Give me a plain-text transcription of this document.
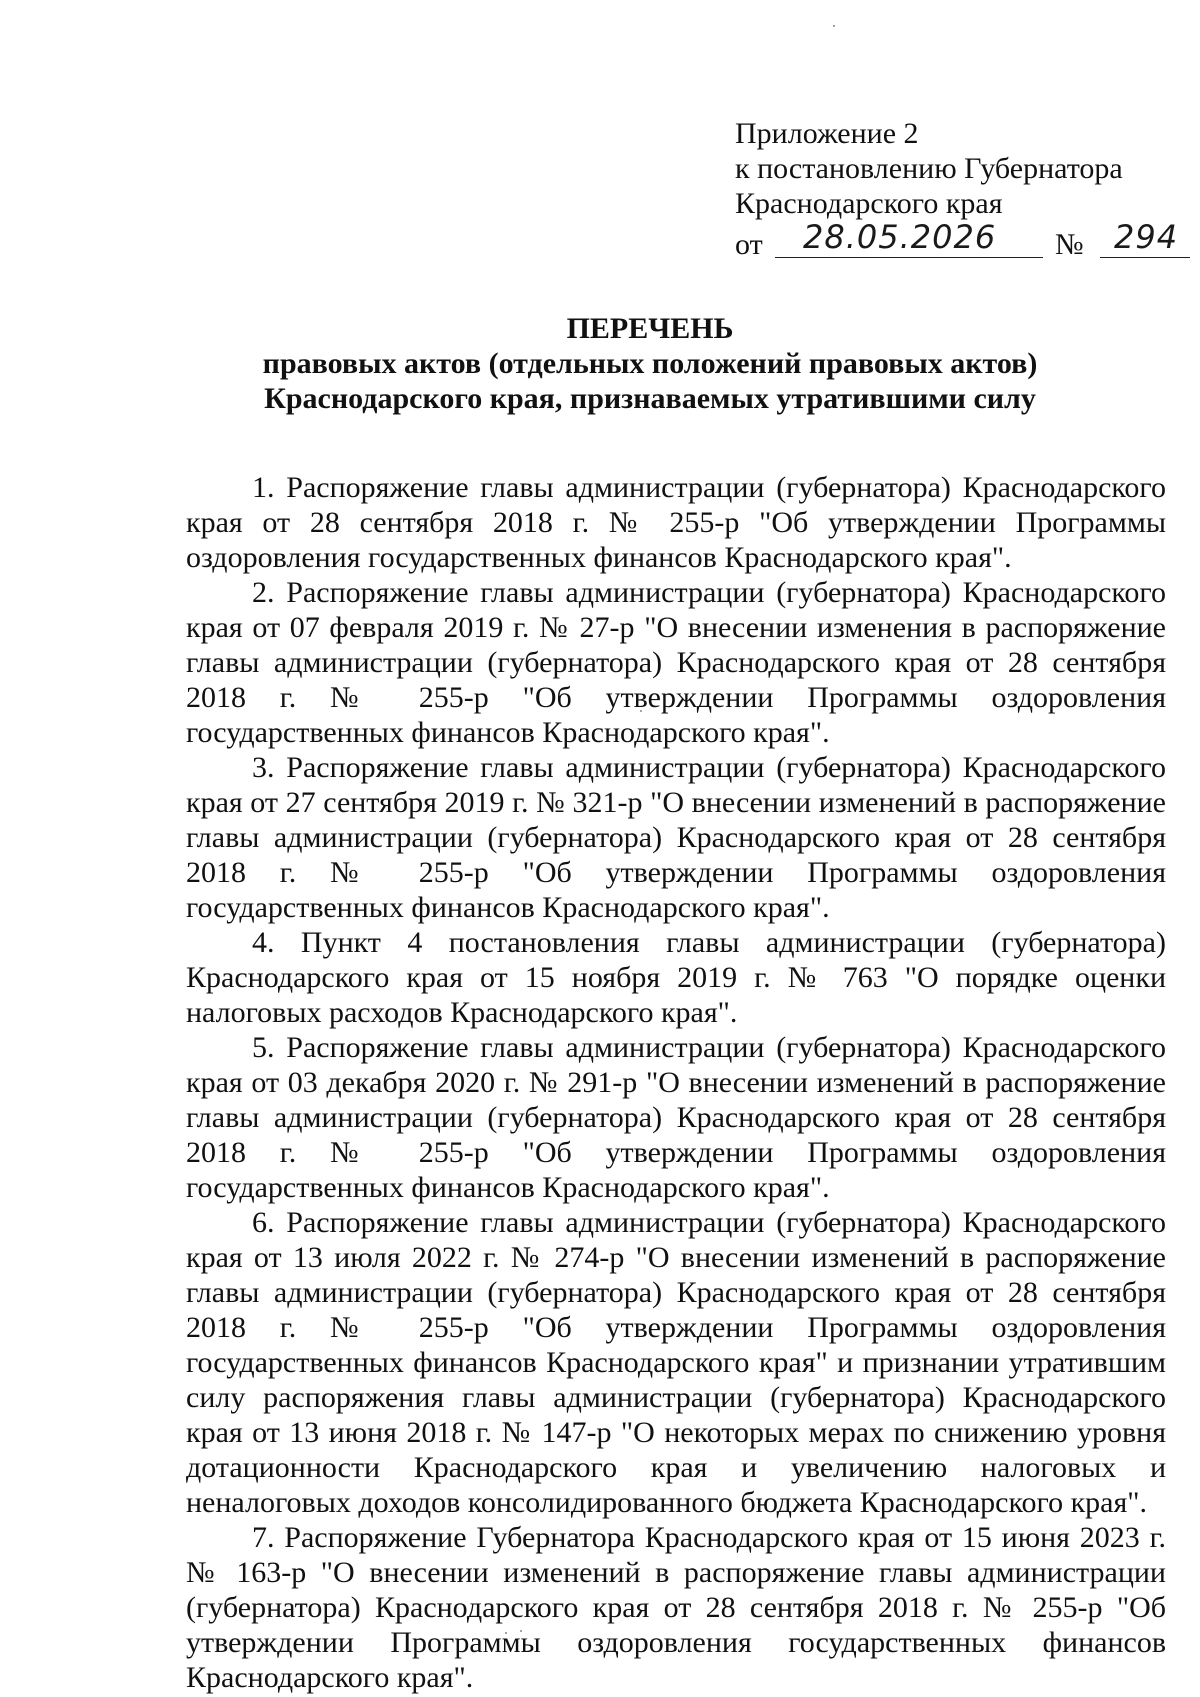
Приложение 2
к постановлению Губернатора
Краснодарского края
от 28.05.2026 № 294
ПЕРЕЧЕНЬ
правовых актов (отдельных положений правовых актов)
Краснодарского края, признаваемых утратившими силу

1. Распоряжение главы администрации (губернатора) Краснодарского края от 28 сентября 2018 г. № 255-р "Об утверждении Программы оздоровления государственных финансов Краснодарского края".

2. Распоряжение главы администрации (губернатора) Краснодарского края от 07 февраля 2019 г. № 27-р "О внесении изменения в распоряжение главы администрации (губернатора) Краснодарского края от 28 сентября 2018 г. № 255-р "Об утверждении Программы оздоровления государственных финансов Краснодарского края".

3. Распоряжение главы администрации (губернатора) Краснодарского края от 27 сентября 2019 г. № 321-р "О внесении изменений в распоряжение главы администрации (губернатора) Краснодарского края от 28 сентября 2018 г. № 255-р "Об утверждении Программы оздоровления государственных финансов Краснодарского края".

4. Пункт 4 постановления главы администрации (губернатора) Краснодарского края от 15 ноября 2019 г. № 763 "О порядке оценки налоговых расходов Краснодарского края".

5. Распоряжение главы администрации (губернатора) Краснодарского края от 03 декабря 2020 г. № 291-р "О внесении изменений в распоряжение главы администрации (губернатора) Краснодарского края от 28 сентября 2018 г. № 255-р "Об утверждении Программы оздоровления государственных финансов Краснодарского края".

6. Распоряжение главы администрации (губернатора) Краснодарского края от 13 июля 2022 г. № 274-р "О внесении изменений в распоряжение главы администрации (губернатора) Краснодарского края от 28 сентября 2018 г. № 255-р "Об утверждении Программы оздоровления государственных финансов Краснодарского края" и признании утратившим силу распоряжения главы администрации (губернатора) Краснодарского края от 13 июня 2018 г. № 147-р "О некоторых мерах по снижению уровня дотационности Краснодарского края и увеличению налоговых и неналоговых доходов консолидированного бюджета Краснодарского края".

7. Распоряжение Губернатора Краснодарского края от 15 июня 2023 г. № 163-р "О внесении изменений в распоряжение главы администрации (губернатора) Краснодарского края от 28 сентября 2018 г. № 255-р "Об утверждении Программы оздоровления государственных финансов Краснодарского края".
